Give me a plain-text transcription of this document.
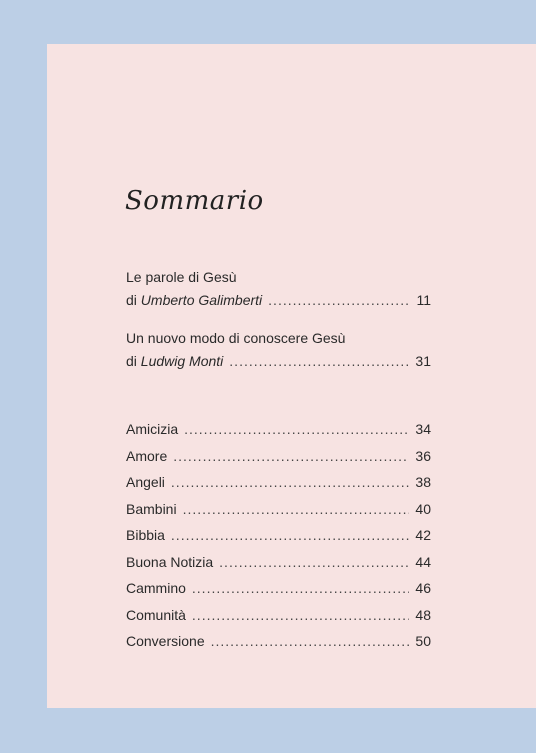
Sommario
Le parole di Gesù
di Umberto Galimberti .....	11
Un nuovo modo di conoscere Gesù
di Ludwig Monti .....	31
Amicizia .....	34
Amore .....	36
Angeli .....	38
Bambini .....	40
Bibbia .....	42
Buona Notizia .....	44
Cammino .....	46
Comunità .....	48
Conversione .....	50
